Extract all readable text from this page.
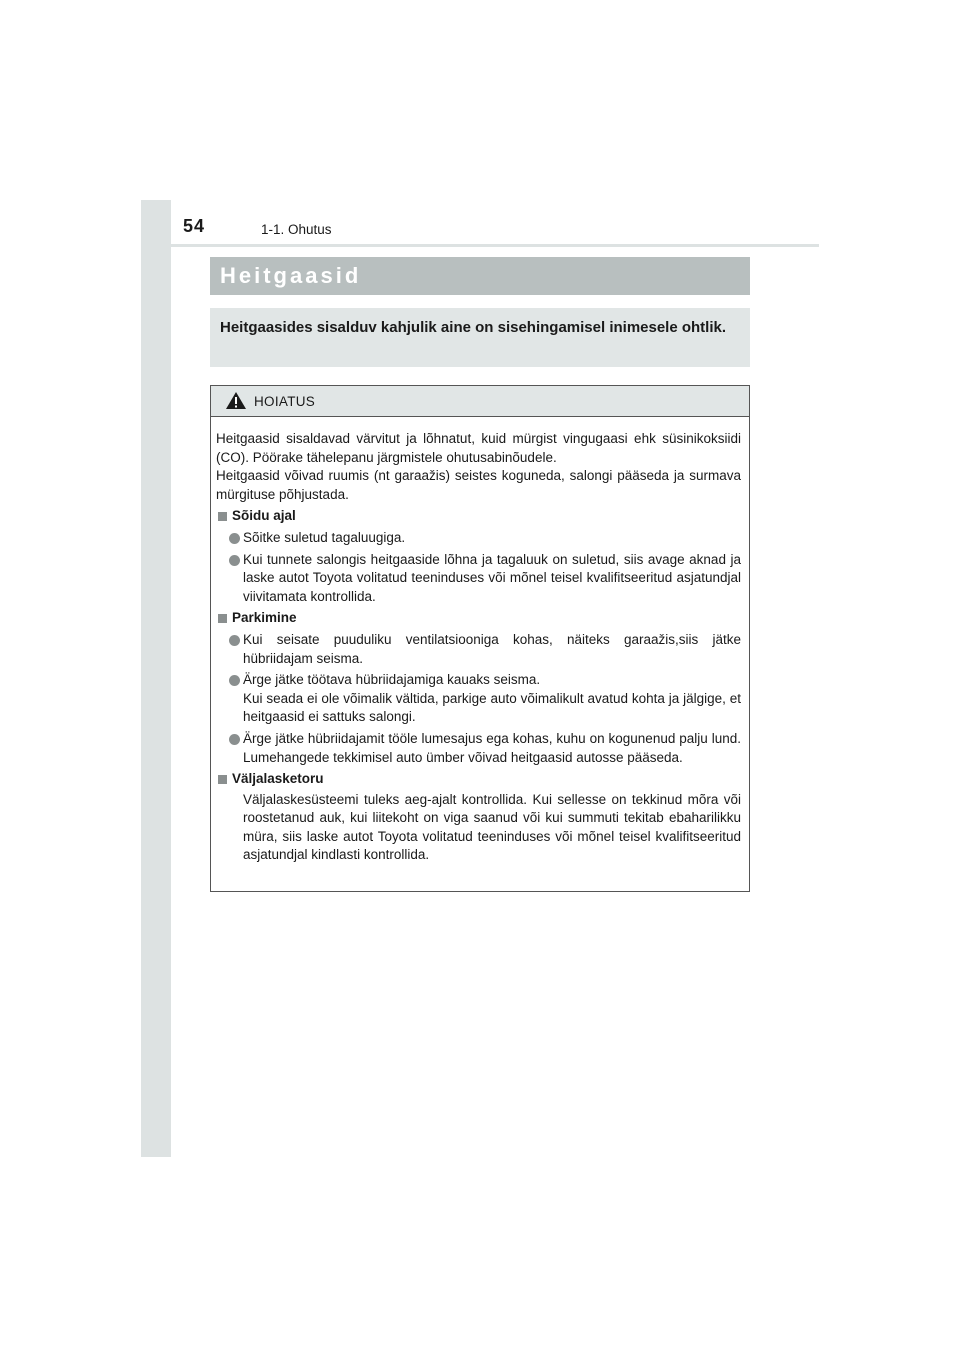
54	1-1. Ohutus
Heitgaasid
Heitgaasides sisalduv kahjulik aine on sisehingamisel inimesele ohtlik.
HOIATUS

Heitgaasid sisaldavad värvitut ja lõhnatut, kuid mürgist vingugaasi ehk süsinikoksiidi (CO). Pöörake tähelepanu järgmistele ohutusabinõudele.
Heitgaasid võivad ruumis (nt garaažis) seistes koguneda, salongi pääseda ja surmava mürgituse põhjustada.

Sõidu ajal
Sõitke suletud tagaluugiga.
Kui tunnete salongis heitgaaside lõhna ja tagaluuk on suletud, siis avage aknad ja laske autot Toyota volitatud teeninduses või mõnel teisel kvalifitseeritud asjatundjal viivitamata kontrollida.
Parkimine
Kui seisate puuduliku ventilatsiooniga kohas, näiteks garaažis,siis jätke hübriidajam seisma.
Ärge jätke töötava hübriidajamiga kauaks seisma.
Kui seada ei ole võimalik vältida, parkige auto võimalikult avatud kohta ja jälgige, et heitgaasid ei sattuks salongi.
Ärge jätke hübriidajamit tööle lumesajus ega kohas, kuhu on kogunenud palju lund. Lumehangede tekkimisel auto ümber võivad heitgaasid autosse pääseda.
Väljalasketoru
Väljalaskesüsteemi tuleks aeg-ajalt kontrollida. Kui sellesse on tekkinud mõra või roostetanud auk, kui liitekoht on viga saanud või kui summuti tekitab ebaharilikku müra, siis laske autot Toyota volitatud teeninduses või mõnel teisel kvalifitseeritud asjatundjal kindlasti kontrollida.
